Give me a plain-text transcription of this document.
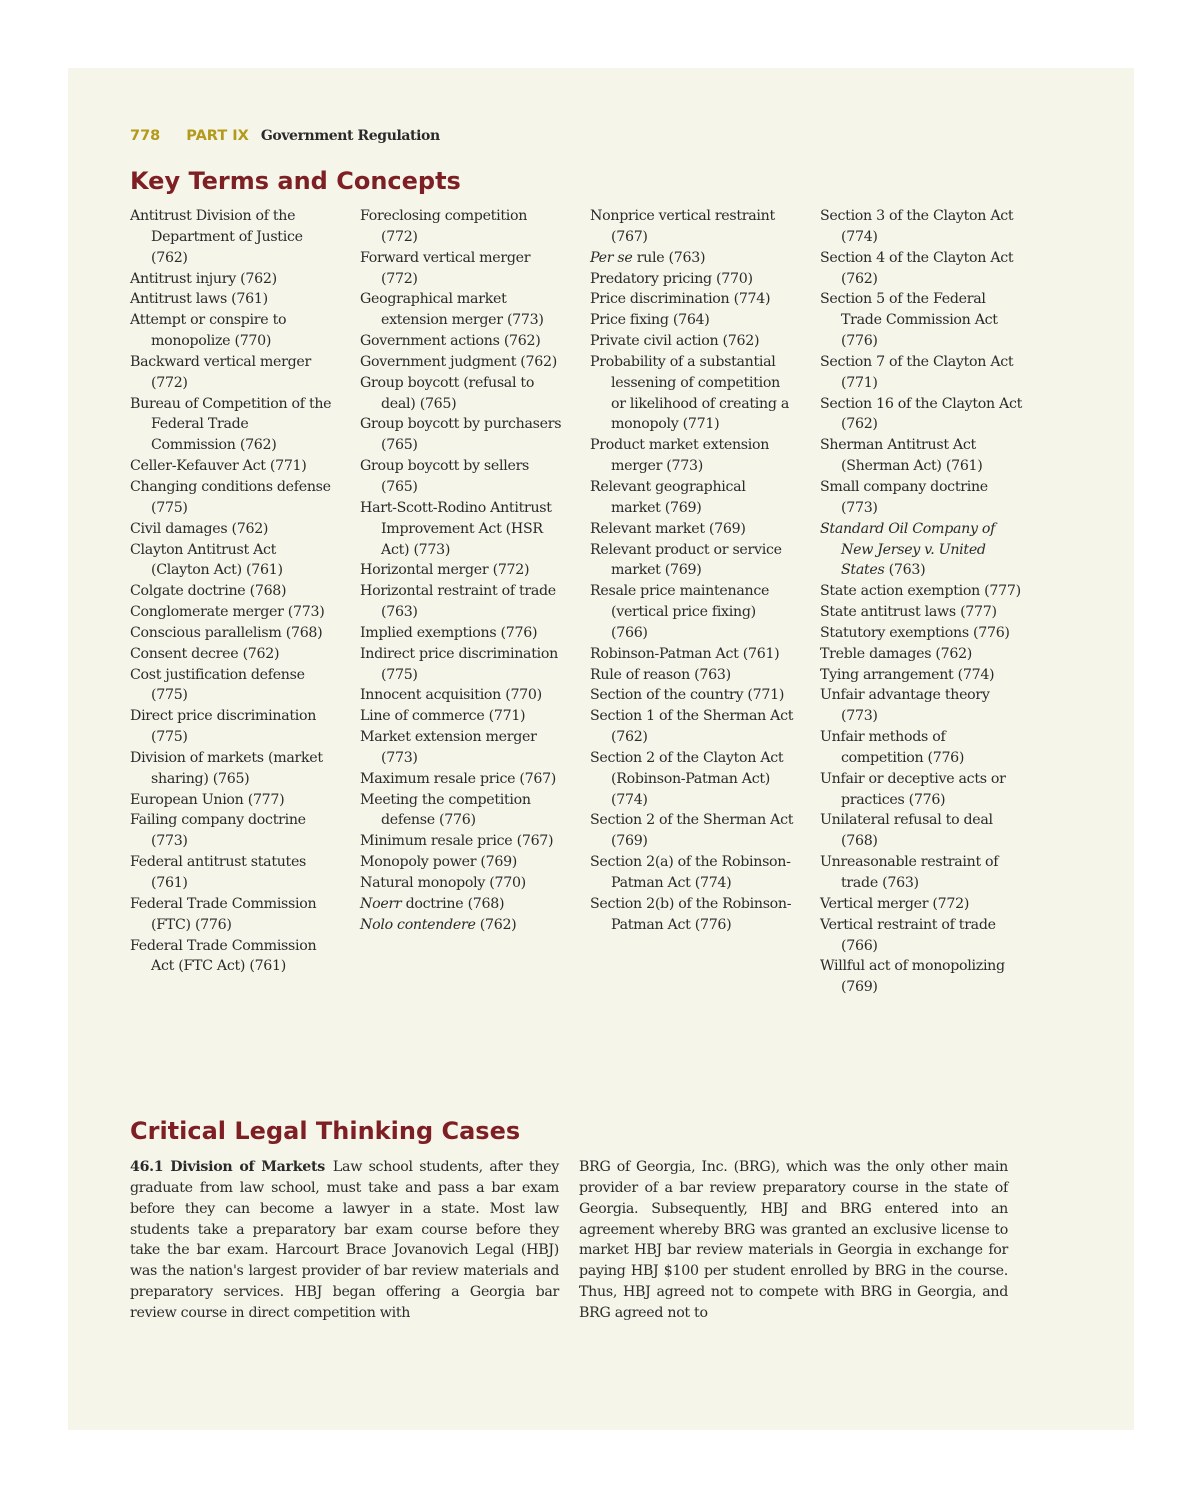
778 PART IX Government Regulation
Key Terms and Concepts
Antitrust Division of the Department of Justice (762)
Antitrust injury (762)
Antitrust laws (761)
Attempt or conspire to monopolize (770)
Backward vertical merger (772)
Bureau of Competition of the Federal Trade Commission (762)
Celler-Kefauver Act (771)
Changing conditions defense (775)
Civil damages (762)
Clayton Antitrust Act (Clayton Act) (761)
Colgate doctrine (768)
Conglomerate merger (773)
Conscious parallelism (768)
Consent decree (762)
Cost justification defense (775)
Direct price discrimination (775)
Division of markets (market sharing) (765)
European Union (777)
Failing company doctrine (773)
Federal antitrust statutes (761)
Federal Trade Commission (FTC) (776)
Federal Trade Commission Act (FTC Act) (761)
Foreclosing competition (772)
Forward vertical merger (772)
Geographical market extension merger (773)
Government actions (762)
Government judgment (762)
Group boycott (refusal to deal) (765)
Group boycott by purchasers (765)
Group boycott by sellers (765)
Hart-Scott-Rodino Antitrust Improvement Act (HSR Act) (773)
Horizontal merger (772)
Horizontal restraint of trade (763)
Implied exemptions (776)
Indirect price discrimination (775)
Innocent acquisition (770)
Line of commerce (771)
Market extension merger (773)
Maximum resale price (767)
Meeting the competition defense (776)
Minimum resale price (767)
Monopoly power (769)
Natural monopoly (770)
Noerr doctrine (768)
Nolo contendere (762)
Nonprice vertical restraint (767)
Per se rule (763)
Predatory pricing (770)
Price discrimination (774)
Price fixing (764)
Private civil action (762)
Probability of a substantial lessening of competition or likelihood of creating a monopoly (771)
Product market extension merger (773)
Relevant geographical market (769)
Relevant market (769)
Relevant product or service market (769)
Resale price maintenance (vertical price fixing) (766)
Robinson-Patman Act (761)
Rule of reason (763)
Section of the country (771)
Section 1 of the Sherman Act (762)
Section 2 of the Clayton Act (Robinson-Patman Act) (774)
Section 2 of the Sherman Act (769)
Section 2(a) of the Robinson-Patman Act (774)
Section 2(b) of the Robinson-Patman Act (776)
Section 3 of the Clayton Act (774)
Section 4 of the Clayton Act (762)
Section 5 of the Federal Trade Commission Act (776)
Section 7 of the Clayton Act (771)
Section 16 of the Clayton Act (762)
Sherman Antitrust Act (Sherman Act) (761)
Small company doctrine (773)
Standard Oil Company of New Jersey v. United States (763)
State action exemption (777)
State antitrust laws (777)
Statutory exemptions (776)
Treble damages (762)
Tying arrangement (774)
Unfair advantage theory (773)
Unfair methods of competition (776)
Unfair or deceptive acts or practices (776)
Unilateral refusal to deal (768)
Unreasonable restraint of trade (763)
Vertical merger (772)
Vertical restraint of trade (766)
Willful act of monopolizing (769)
Critical Legal Thinking Cases

46.1 Division of Markets Law school students, after they graduate from law school, must take and pass a bar exam before they can become a lawyer in a state. Most law students take a preparatory bar exam course before they take the bar exam. Harcourt Brace Jovanovich Legal (HBJ) was the nation's largest provider of bar review materials and preparatory services. HBJ began offering a Georgia bar review course in direct competition with

BRG of Georgia, Inc. (BRG), which was the only other main provider of a bar review preparatory course in the state of Georgia. Subsequently, HBJ and BRG entered into an agreement whereby BRG was granted an exclusive license to market HBJ bar review materials in Georgia in exchange for paying HBJ $100 per student enrolled by BRG in the course. Thus, HBJ agreed not to compete with BRG in Georgia, and BRG agreed not to
